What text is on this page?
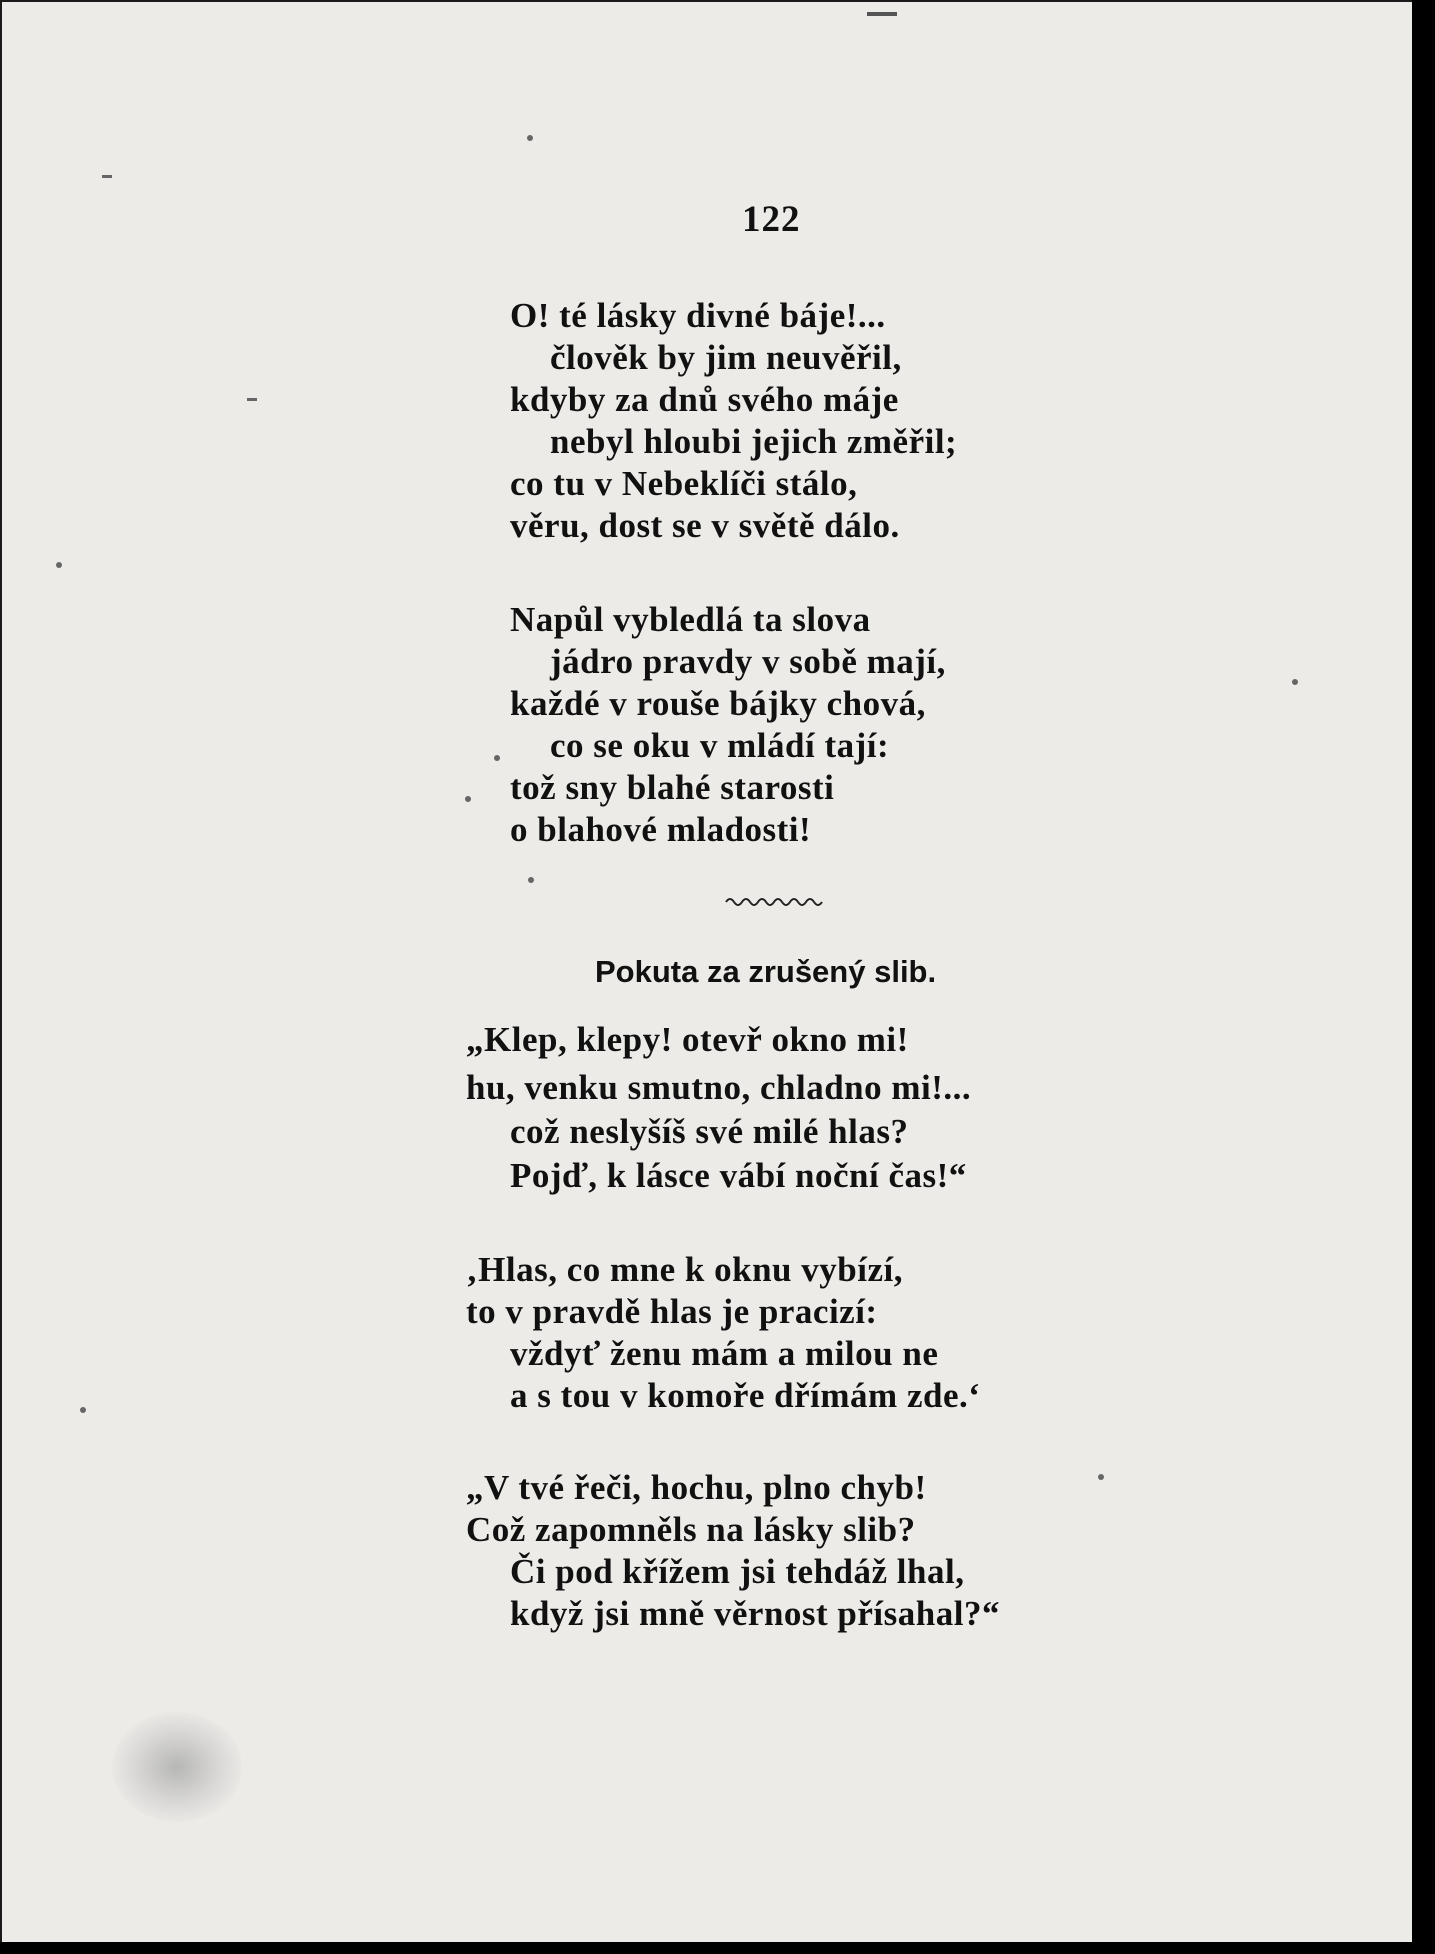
122
O! té lásky divné báje!...
člověk by jim neuvěřil,
kdyby za dnů svého máje
nebyl hloubi jejich změřil;
co tu v Nebeklíči stálo,
věru, dost se v světě dálo.
Napůl vybledlá ta slova
jádro pravdy v sobě mají,
každé v rouše bájky chová,
co se oku v mládí tají:
tož sny blahé starosti
o blahové mladosti!
Pokuta za zrušený slib.
„Klep, klepy! otevř okno mi!
hu, venku smutno, chladno mi!...
což neslyšíš své milé hlas?
Pojď, k lásce vábí noční čas!“
‚Hlas, co mne k oknu vybízí,
to v pravdě hlas je pracizí:
vždyť ženu mám a milou ne
a s tou v komoře dřímám zde.‘
„V tvé řeči, hochu, plno chyb!
Což zapomněls na lásky slib?
Či pod křížem jsi tehdáž lhal,
když jsi mně věrnost přísahal?“
